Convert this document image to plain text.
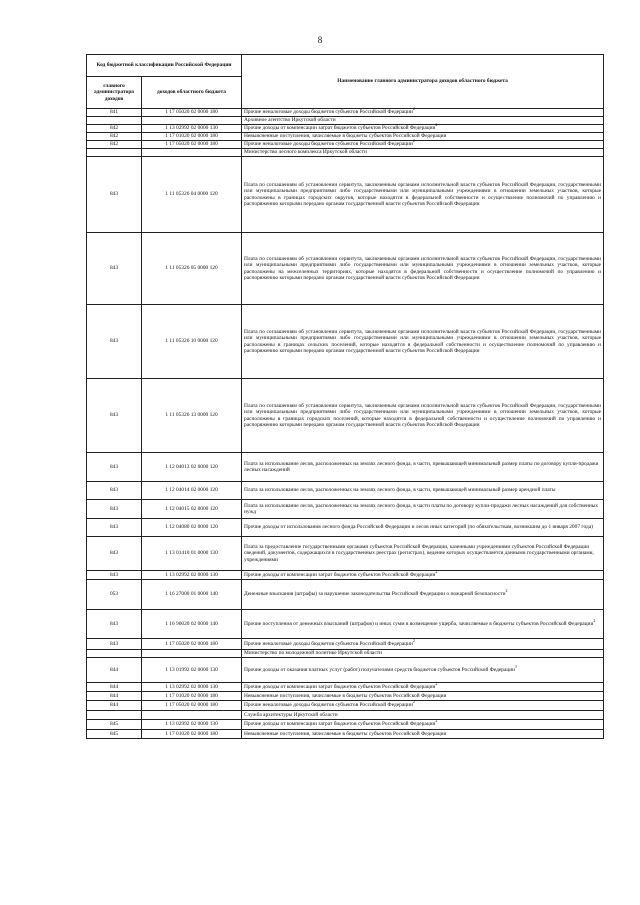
8
Код бюджетной классификации Российской Федерации		Наименование главного администратора доходов областного бюджета
главного администратора доходов	доходов областного бюджета	
841	1 17 05020 02 0000 180	Прочие неналоговые доходы бюджетов субъектов Российской Федерации$^2$
		Архивное агентство Иркутской области
842	1 13 02992 02 0000 130	Прочие доходы от компенсации затрат бюджетов субъектов Российской Федерации$^2$
842	1 17 01020 02 0000 180	Невыясненные поступления, зачисляемые в бюджеты субъектов Российской Федерации
842	1 17 05020 02 0000 180	Прочие неналоговые доходы бюджетов субъектов Российской Федерации$^2$
		Министерство лесного комплекса Иркутской области
843	1 11 05326 04 0000 120	Плата по соглашениям об установлении сервитута, заключенным органами исполнительной власти субъектов Российской Федерации, государственными или муниципальными предприятиями либо государственными или муниципальными учреждениями в отношении земельных участков, которые расположены в границах городских округов, которые находятся в федеральной собственности и осуществление полномочий по управлению и распоряжению которыми передано органам государственной власти субъектов Российской Федерации
843	1 11 05326 05 0000 120	Плата по соглашениям об установлении сервитута, заключенным органами исполнительной власти субъектов Российской Федерации, государственными или муниципальными предприятиями либо государственными или муниципальными учреждениями в отношении земельных участков, которые расположены на межселенных территориях, которые находятся в федеральной собственности и осуществление полномочий по управлению и распоряжению которыми передано органам государственной власти субъектов Российской Федерации
843	1 11 05326 10 0000 120	Плата по соглашениям об установлении сервитута, заключенным органами исполнительной власти субъектов Российской Федерации, государственными или муниципальными предприятиями либо государственными или муниципальными учреждениями в отношении земельных участков, которые расположены в границах сельских поселений, которые находятся в федеральной собственности и осуществление полномочий по управлению и распоряжению которыми передано органам государственной власти субъектов Российской Федерации
843	1 11 05326 13 0000 120	Плата по соглашениям об установлении сервитута, заключенным органами исполнительной власти субъектов Российской Федерации, государственными или муниципальными предприятиями либо государственными или муниципальными учреждениями в отношении земельных участков, которые расположены в границах городских поселений, которые находятся в федеральной собственности и осуществление полномочий по управлению и распоряжению которыми передано органам государственной власти субъектов Российской Федерации
843	1 12 04013 02 0000 120	Плата за использование лесов, расположенных на землях лесного фонда, в части, превышающей минимальный размер платы по договору купли-продажи лесных насаждений
843	1 12 04014 02 0000 120	Плата за использование лесов, расположенных на землях лесного фонда, в части, превышающей минимальный размер арендной платы
843	1 12 04015 02 0000 120	Плата за использование лесов, расположенных на землях лесного фонда, в части платы по договору купли-продажи лесных насаждений для собственных нужд
843	1 12 04080 02 0000 120	Прочие доходы от использования лесного фонда Российской Федерации и лесов иных категорий (по обязательствам, возникшим до 1 января 2007 года)
843	1 13 01410 01 0000 130	Плата за предоставление государственными органами субъектов Российской Федерации, казенными учреждениями субъектов Российской Федерации сведений, документов, содержащихся в государственных реестрах (регистрах), ведение которых осуществляется данными государственными органами, учреждениями
843	1 13 02992 02 0000 130	Прочие доходы от компенсации затрат бюджетов субъектов Российской Федерации$^2$
053	1 16 27000 01 0000 140	Денежные взыскания (штрафы) за нарушение законодательства Российской Федерации о пожарной безопасности$^2$
843	1 16 90020 02 0000 140	Прочие поступления от денежных взысканий (штрафов) и иных сумм в возмещение ущерба, зачисляемые в бюджеты субъектов Российской Федерации$^2$
843	1 17 05020 02 0000 180	Прочие неналоговые доходы бюджетов субъектов Российской Федерации$^2$
		Министерство по молодежной политике Иркутской области
844	1 13 01992 02 0000 130	Прочие доходы от оказания платных услуг (работ) получателями средств бюджетов субъектов Российской Федерации$^1$
844	1 13 02992 02 0000 130	Прочие доходы от компенсации затрат бюджетов субъектов Российской Федерации$^2$
844	1 17 01020 02 0000 180	Невыясненные поступления, зачисляемые в бюджеты субъектов Российской Федерации
844	1 17 05020 02 0000 180	Прочие неналоговые доходы бюджетов субъектов Российской Федерации$^2$
		Служба архитектуры Иркутской области
845	1 13 02992 02 0000 130	Прочие доходы от компенсации затрат бюджетов субъектов Российской Федерации$^2$
845	1 17 01020 02 0000 180	Невыясненные поступления, зачисляемые в бюджеты субъектов Российской Федерации
